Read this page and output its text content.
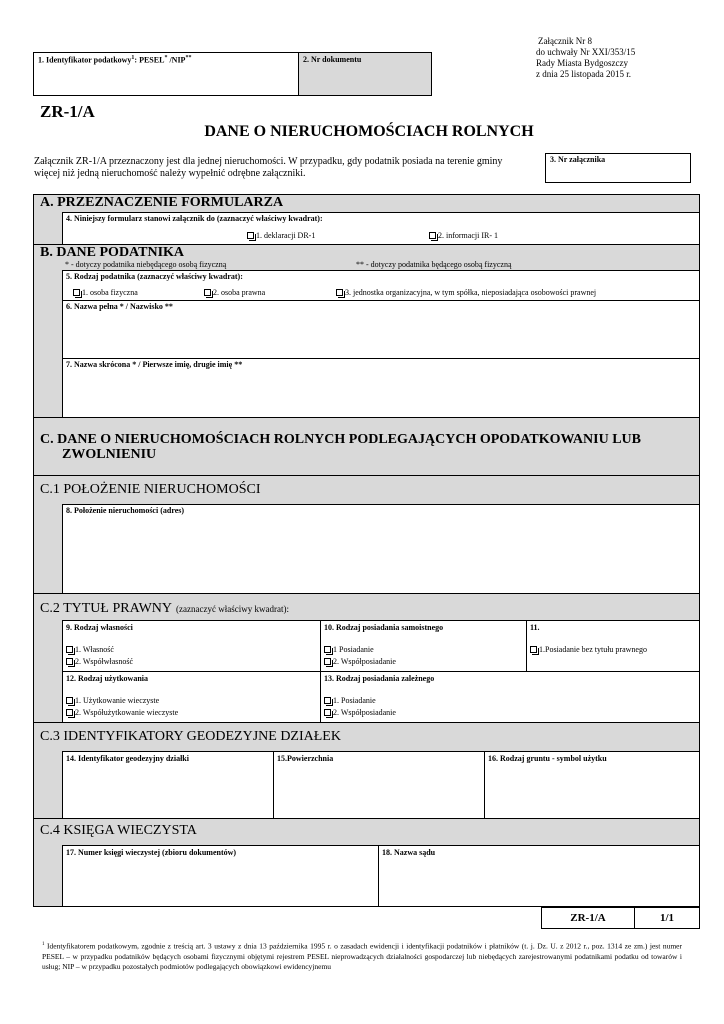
Załącznik Nr 8
do uchwały Nr XXI/353/15
Rady Miasta Bydgoszczy
z dnia 25 listopada 2015 r.
1. Identyfikator podatkowy$^1$: PESEL* /NIP**	2. Nr dokumentu
ZR-1/A
DANE O NIERUCHOMOŚCIACH ROLNYCH
Załącznik ZR-1/A przeznaczony jest dla jednej nieruchomości. W przypadku, gdy podatnik posiada na terenie gminy więcej niż jedną nieruchomość należy wypełnić odrębne załączniki.
3. Nr załącznika
A. PRZEZNACZENIE FORMULARZA
4. Niniejszy formularz stanowi załącznik do (zaznaczyć właściwy kwadrat):
1. deklaracji DR-1	2. informacji IR- 1
B. DANE PODATNIKA
* - dotyczy podatnika niebędącego osobą fizyczną	** - dotyczy podatnika będącego osobą fizyczną
5. Rodzaj podatnika (zaznaczyć właściwy kwadrat):
1. osoba fizyczna	2. osoba prawna	3. jednostka organizacyjna, w tym spółka, nieposiadająca osobowości prawnej
6. Nazwa pełna * / Nazwisko **
7. Nazwa skrócona * / Pierwsze imię, drugie imię **
C. DANE O NIERUCHOMOŚCIACH ROLNYCH PODLEGAJĄCYCH OPODATKOWANIU LUB
ZWOLNIENIU
C.1 POŁOŻENIE NIERUCHOMOŚCI
8. Położenie nieruchomości (adres)
C.2 TYTUŁ PRAWNY (zaznaczyć właściwy kwadrat):
9. Rodzaj własności
1. Własność
2. Współwłasność
10. Rodzaj posiadania samoistnego
1 Posiadanie
2. Współposiadanie
11.
1.Posiadanie bez tytułu prawnego
12. Rodzaj użytkowania
1. Użytkowanie wieczyste
2. Współużytkowanie wieczyste
13. Rodzaj posiadania zależnego
1. Posiadanie
2. Współposiadanie
C.3 IDENTYFIKATORY GEODEZYJNE DZIAŁEK
14. Identyfikator geodezyjny działki	15.Powierzchnia	16. Rodzaj gruntu - symbol użytku
C.4 KSIĘGA WIECZYSTA
17. Numer księgi wieczystej (zbioru dokumentów)	18. Nazwa sądu
ZR-1/A	1/1
$^1$ Identyfikatorem podatkowym, zgodnie z treścią art. 3 ustawy z dnia 13 października 1995 r. o zasadach ewidencji i identyfikacji podatników i płatników (t. j. Dz. U. z 2012 r., poz. 1314 ze zm.) jest numer PESEL – w przypadku podatników będących osobami fizycznymi objętymi rejestrem PESEL nieprowadzących działalności gospodarczej lub niebędących zarejestrowanymi podatnikami podatku od towarów i usług; NIP – w przypadku pozostałych podmiotów podlegających obowiązkowi ewidencyjnemu
